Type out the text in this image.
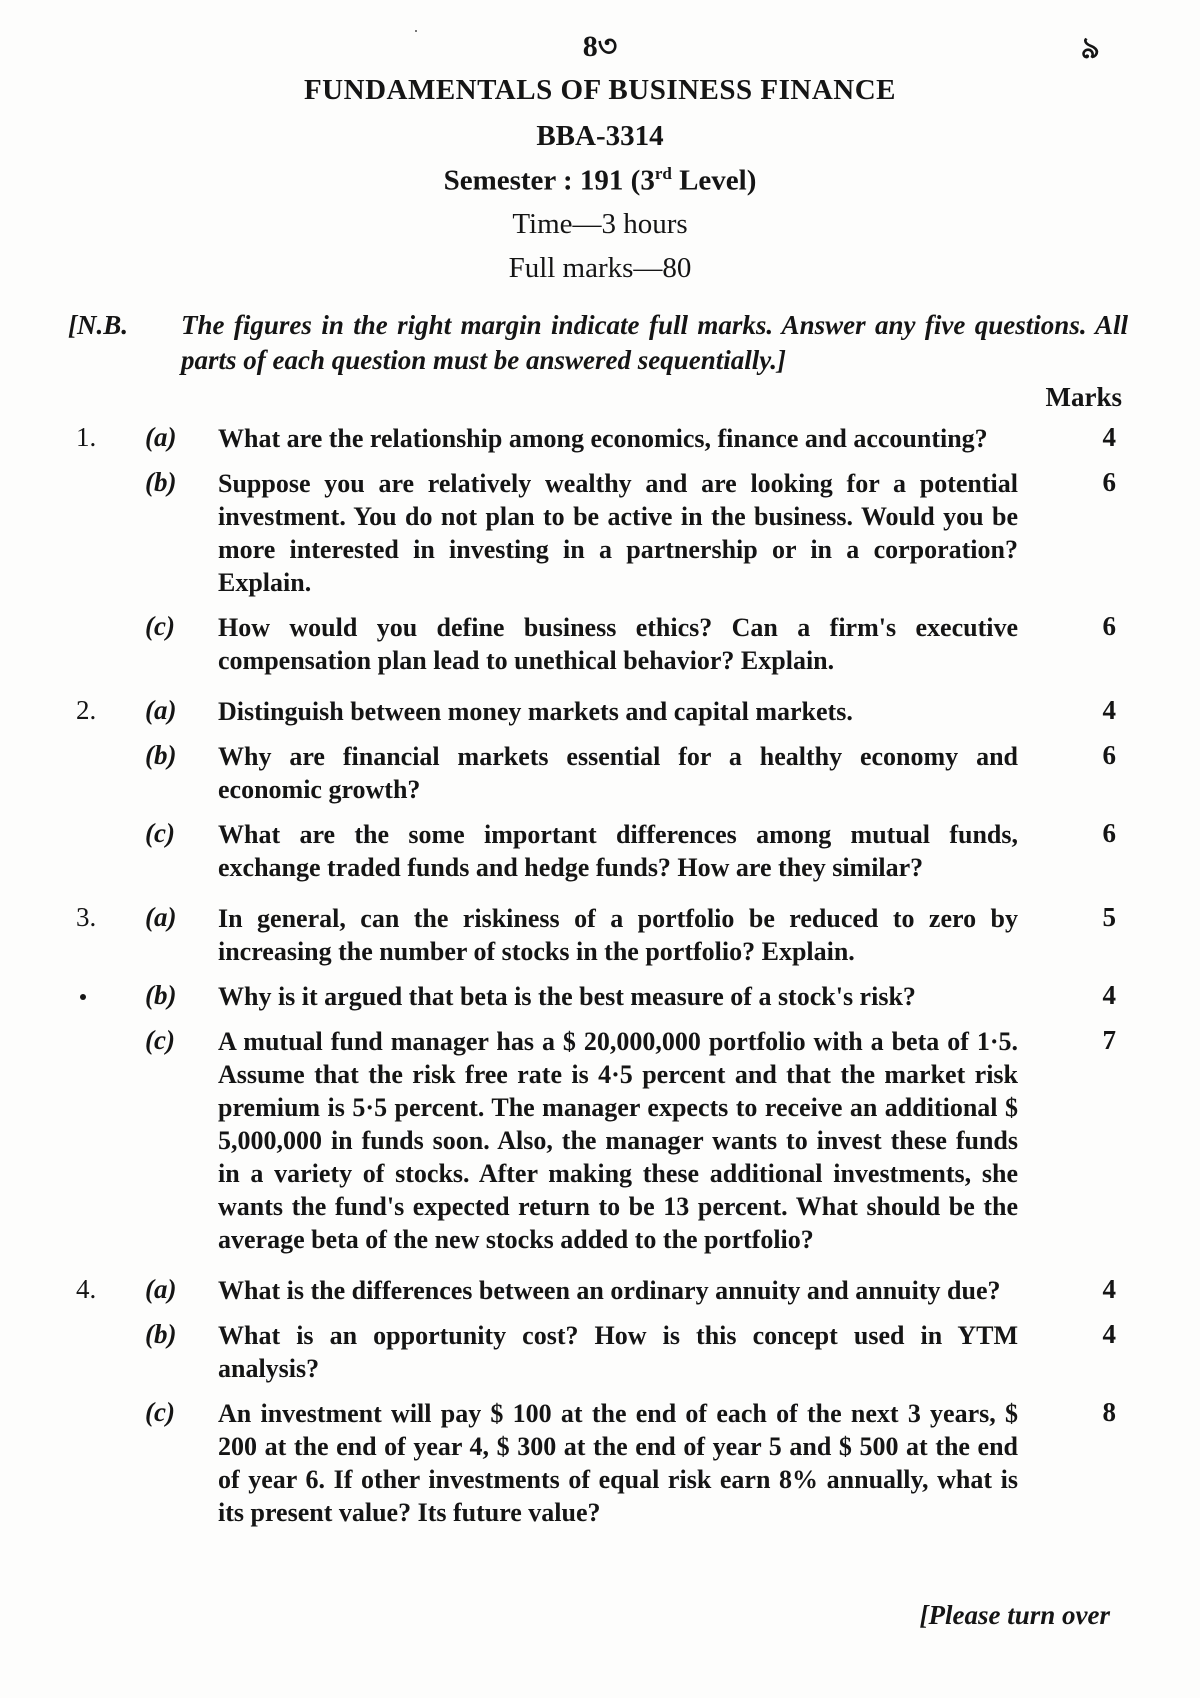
8৩	৯
FUNDAMENTALS OF BUSINESS FINANCE
BBA-3314
Semester : 191 (3rd Level)
Time—3 hours
Full marks—80
[N.B. The figures in the right margin indicate full marks. Answer any five questions. All parts of each question must be answered sequentially.]
Marks
1. (a) What are the relationship among economics, finance and accounting?	4
(b) Suppose you are relatively wealthy and are looking for a potential investment. You do not plan to be active in the business. Would you be more interested in investing in a partnership or in a corporation? Explain.
6
(c) How would you define business ethics? Can a firm's executive compensation plan lead to unethical behavior? Explain.
6
2. (a) Distinguish between money markets and capital markets.	4
(b) Why are financial markets essential for a healthy economy and economic growth?
6
(c) What are the some important differences among mutual funds, exchange traded funds and hedge funds? How are they similar?
6
3. (a) In general, can the riskiness of a portfolio be reduced to zero by increasing the number of stocks in the portfolio? Explain.
5
(b) Why is it argued that beta is the best measure of a stock's risk?	4
(c) A mutual fund manager has a $ 20,000,000 portfolio with a beta of 1·5. Assume that the risk free rate is 4·5 percent and that the market risk premium is 5·5 percent. The manager expects to receive an additional $ 5,000,000 in funds soon. Also, the manager wants to invest these funds in a variety of stocks. After making these additional investments, she wants the fund's expected return to be 13 percent. What should be the average beta of the new stocks added to the portfolio?
7
4. (a) What is the differences between an ordinary annuity and annuity due?	4
(b) What is an opportunity cost? How is this concept used in YTM analysis?
4
(c) An investment will pay $ 100 at the end of each of the next 3 years, $ 200 at the end of year 4, $ 300 at the end of year 5 and $ 500 at the end of year 6. If other investments of equal risk earn 8% annually, what is its present value? Its future value?
8
[Please turn over
